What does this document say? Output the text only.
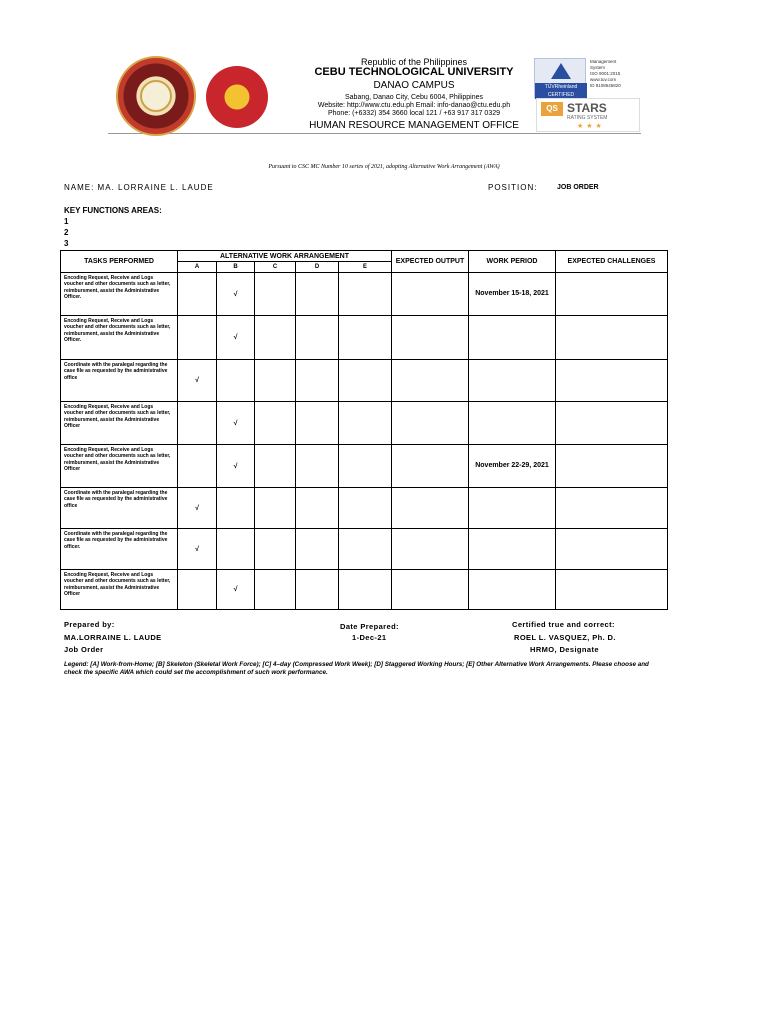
Republic of the Philippines
CEBU TECHNOLOGICAL UNIVERSITY
DANAO CAMPUS
Sabang, Danao City, Cebu 6004, Philippines
Website: http://www.ctu.edu.ph Email: info-danao@ctu.edu.ph
Phone: (+6332) 354 3660 local 121 / +63 917 317 0329
HUMAN RESOURCE MANAGEMENT OFFICE
TÜVRheinland CERTIFIED
Management
System
ISO 9001:2015
www.tuv.com
ID 9108645820
QS STARS
RATING SYSTEM
★★★
Pursuant to CSC MC Number 10 series of 2021, adopting Alternative Work Arrangement (AWA)
NAME: MA. LORRAINE L. LAUDE	POSITION:	JOB ORDER
KEY FUNCTIONS AREAS:
1
2
3
TASKS PERFORMED	ALTERNATIVE WORK ARRANGEMENT					EXPECTED OUTPUT	WORK PERIOD	EXPECTED CHALLENGES
	A	B	C	D	E			
Encoding Request, Receive and Logs voucher and other documents such as letter, reimbursment, assist the Administrative Officer.		√					November 15-18, 2021	
Encoding Request, Receive and Logs voucher and other documents such as letter, reimbursment, assist the Administrative Officer.		√						
Coordinate with the paralegal regarding the case file as requested by the administrative office	√							
Encoding Request, Receive and Logs voucher and other documents such as letter, reimbursment, assist the Administrative Officer		√						
Encoding Request, Receive and Logs voucher and other documents such as letter, reimbursment, assist the Administrative Officer		√					November 22-29, 2021	
Coordinate with the paralegal regarding the case file as requested by the administrative office	√							
Coordinate with the paralegal regarding the case file as requested by the administrative officer.	√							
Encoding Request, Receive and Logs voucher and other documents such as letter, reimbursment, assist the Administrative Officer		√						
Prepared by:
MA.LORRAINE L. LAUDE
Job Order
Date Prepared:
1-Dec-21
Certified true and correct:
ROEL L. VASQUEZ, Ph. D.
HRMO, Designate
Legend: [A] Work-from-Home; [B] Skeleton (Skeletal Work Force); [C] 4–day (Compressed Work Week); [D] Staggered Working Hours; [E] Other Alternative Work Arrangements. Please choose and check the specific AWA which could set the accomplishment of such work performance.
